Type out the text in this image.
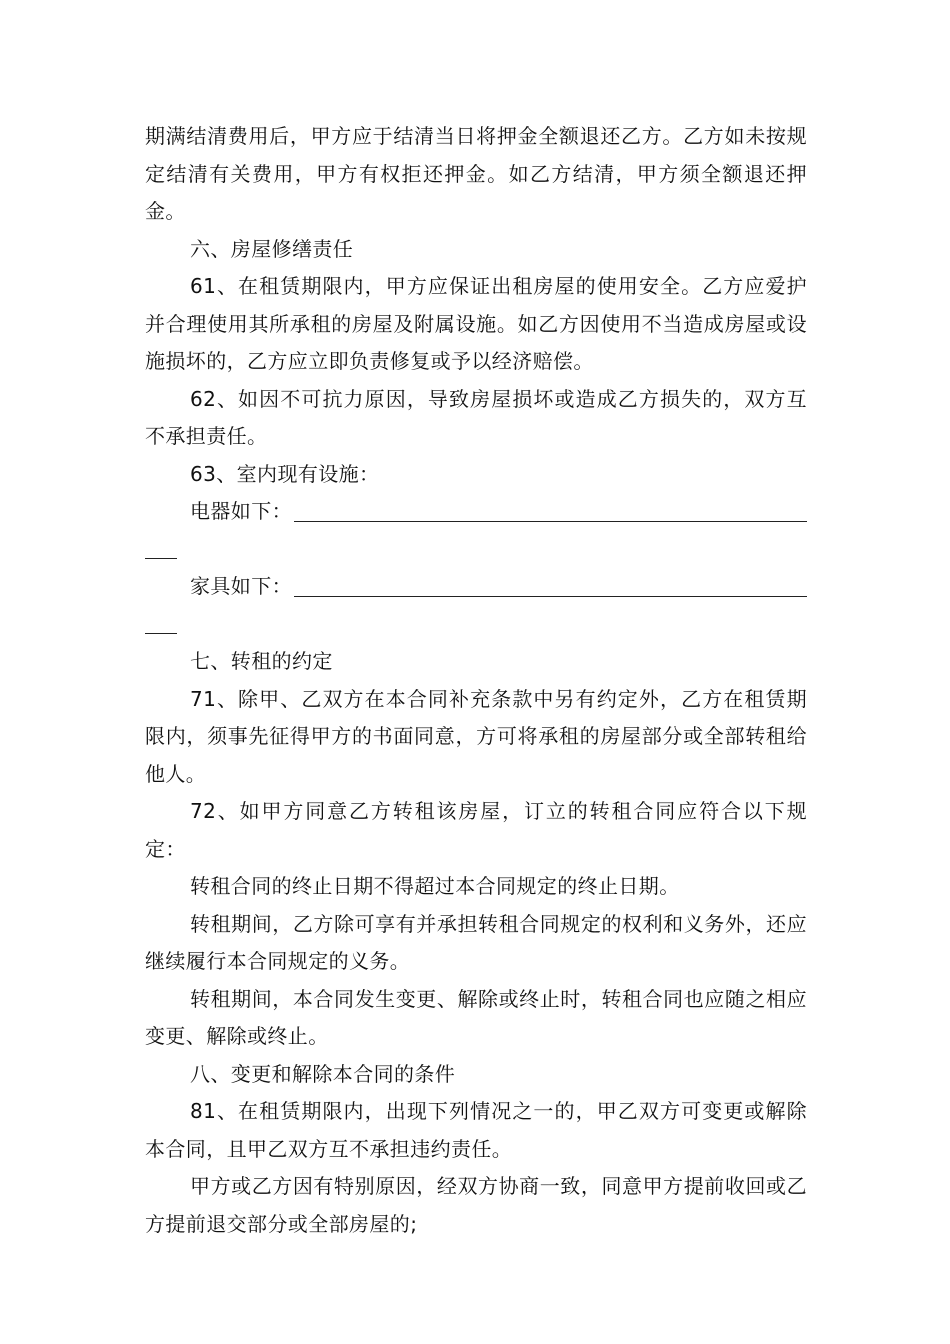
期满结清费用后，甲方应于结清当日将押金全额退还乙方。乙方如未按规定结清有关费用，甲方有权拒还押金。如乙方结清，甲方须全额退还押金。

六、房屋修缮责任

61、在租赁期限内，甲方应保证出租房屋的使用安全。乙方应爱护并合理使用其所承租的房屋及附属设施。如乙方因使用不当造成房屋或设施损坏的，乙方应立即负责修复或予以经济赔偿。

62、如因不可抗力原因，导致房屋损坏或造成乙方损失的，双方互不承担责任。

63、室内现有设施：

电器如下：
家具如下：

七、转租的约定

71、除甲、乙双方在本合同补充条款中另有约定外，乙方在租赁期限内，须事先征得甲方的书面同意，方可将承租的房屋部分或全部转租给他人。

72、如甲方同意乙方转租该房屋，订立的转租合同应符合以下规定：

转租合同的终止日期不得超过本合同规定的终止日期。

转租期间，乙方除可享有并承担转租合同规定的权利和义务外，还应继续履行本合同规定的义务。

转租期间，本合同发生变更、解除或终止时，转租合同也应随之相应变更、解除或终止。

八、变更和解除本合同的条件

81、在租赁期限内，出现下列情况之一的，甲乙双方可变更或解除本合同，且甲乙双方互不承担违约责任。

甲方或乙方因有特别原因，经双方协商一致，同意甲方提前收回或乙方提前退交部分或全部房屋的;
